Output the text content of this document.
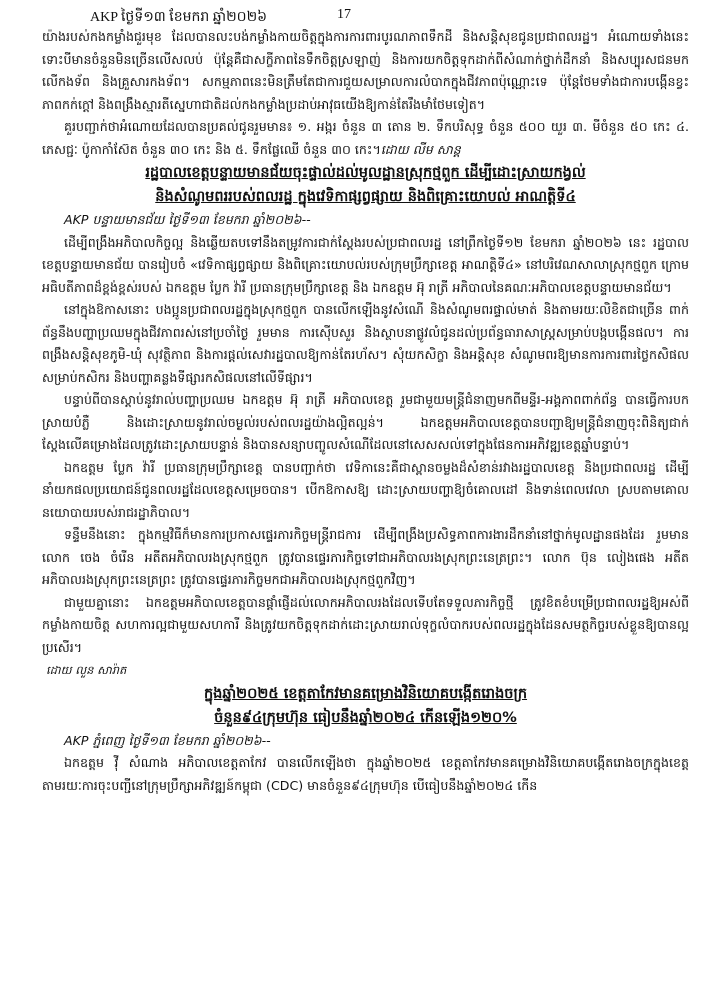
AKP ថ្ងៃទី១៣ ខែមករា ឆ្នាំ២០២៦	17

យ៉ាងរបស់កងកម្លាំងជួរមុខ ដែលបានលះបង់កម្លាំងកាយចិត្តក្នុងការការពារបូរណភាពទឹកដី និងសន្តិសុខជូនប្រជាពលរដ្ឋ។ អំណោយទាំងនេះ ទោះបីមានចំនួនមិនច្រើនលើសលប់ ប៉ុន្តែគឺជាសក្ខីភាពនៃទឹកចិត្តស្រឡាញ់ និងការយកចិត្តទុកដាក់ពីសំណាក់ថ្នាក់ដឹកនាំ និងសប្បុរសជនមកលើកងទ័ព និងគ្រួសារកងទ័ព។ សកម្មភាពនេះមិនត្រឹមតែជាការជួយសម្រាលការលំបាកក្នុងជីវភាពប៉ុណ្ណោះទេ ប៉ុន្តែថែមទាំងជាការបង្កើនខ្វះភាពកក់ក្ដៅ និងពង្រឹងស្មារតីស្នេហាជាតិដល់កងកម្លាំងប្រដាប់អាវុធយើងឱ្យកាន់តែរឹងមាំថែមទៀត។

គួរបញ្ជាក់ថាអំណោយដែលបានប្រគល់ជូនរួមមាន៖ ១. អង្ករ ចំនួន ៣ តោន ២. ទឹកបរិសុទ្ធ ចំនួន ៥០០ យួរ ៣. មីចំនួន ៥០ កេះ ៤. ភេសជ្ជៈ ប៉ូកាកាំស៊ែត ចំនួន ៣០ កេះ និង ៥. ទឹកផ្លែឈើ ចំនួន ៣០ កេះ។ដោយ លីម សាន្ត

រដ្ឋបាលខេត្តបន្ទាយមានជ័យចុះផ្ទាល់ដល់មូលដ្ឋានស្រុកថ្មពួក ដើម្បីដោះស្រាយកង្វល់
និងសំណូមពររបស់ពលរដ្ឋ ក្នុងវេទិកាផ្សព្វផ្សាយ និងពិគ្រោះយោបល់ អាណត្តិទី៤

AKP បន្ទាយមានជ័យ ថ្ងៃទី១៣ ខែមករា ឆ្នាំ២០២៦--

ដើម្បីពង្រឹងអភិបាលកិច្ចល្អ និងឆ្លើយតបទៅនឹងតម្រូវការជាក់ស្តែងរបស់ប្រជាពលរដ្ឋ នៅព្រឹកថ្ងៃទី១២ ខែមករា ឆ្នាំ២០២៦ នេះ រដ្ឋបាលខេត្តបន្ទាយមានជ័យ បានរៀបចំ «វេទិកាផ្សព្វផ្សាយ និងពិគ្រោះយោបល់របស់ក្រុមប្រឹក្សាខេត្ត អាណត្តិទី៤» នៅបរិវេណសាលាស្រុកថ្មពួក ក្រោមអធិបតីភាពដ៏ខ្ពង់ខ្ពស់របស់ ឯកឧត្តម ប្លែក វ៉ារី ប្រធានក្រុមប្រឹក្សាខេត្ត និង ឯកឧត្តម អ៊ុ រាត្រី អភិបាលនៃគណៈអភិបាលខេត្តបន្ទាយមានជ័យ។

នៅក្នុងឱកាសនោះ បងប្អូនប្រជាពលរដ្ឋក្នុងស្រុកថ្មពួក បានលើកឡើងនូវសំណើ និងសំណូមពរផ្ទាល់មាត់ និងតាមរយៈលិខិតជាច្រើន ពាក់ព័ន្ធនឹងបញ្ហាប្រឈមក្នុងជីវភាពរស់នៅប្រចាំថ្ងៃ រួមមាន ការស៊ើបសួរ និងស្ថាបនាផ្លូវលំជូនដល់ប្រព័ន្ធធារាសាស្ត្រសម្រាប់បង្កបង្កើនផល។ ការពង្រឹងសន្តិសុខភូមិ-ឃុំ សុវត្ថិភាព និងការផ្តល់សេវារដ្ឋបាលឱ្យកាន់តែរហ័ស។ សុំយកសិក្ខា និងអន្តិសុខ សំណូមពរឱ្យមានការការពារថ្លៃកសិផលសម្រាប់កសិករ និងបញ្ហាគន្លងទីផ្សារកសិផលនៅលើទីផ្សារ។

បន្ទាប់ពីបានស្តាប់នូវរាល់បញ្ហាប្រឈម ឯកឧត្តម អ៊ុ រាត្រី អភិបាលខេត្ត រួមជាមួយមន្ត្រីជំនាញមកពីមន្ទីរ-អង្គភាពពាក់ព័ន្ធ បានធ្វើការបកស្រាយបំភ្លឺ និងដោះស្រាយនូវរាល់ចម្ងល់របស់ពលរដ្ឋយ៉ាងល្អិតល្អន់។ ឯកឧត្តមអភិបាលខេត្តបានបញ្ជាឱ្យមន្ត្រីជំនាញចុះពិនិត្យជាក់ស្តែងលើគម្រោងដែលត្រូវដោះស្រាយបន្ទាន់ និងបានសន្យាបញ្ចូលសំណើដែលនៅសេសសល់ទៅក្នុងផែនការអភិវឌ្ឍខេត្តឆ្នាំបន្ទាប់។

ឯកឧត្តម ប្លែក វ៉ារី ប្រធានក្រុមប្រឹក្សាខេត្ត បានបញ្ជាក់ថា វេទិកានេះគឺជាស្ពានចម្លងដ៏សំខាន់រវាងរដ្ឋបាលខេត្ត និងប្រជាពលរដ្ឋ ដើម្បីនាំយកផលប្រយោជន៍ជូនពលរដ្ឋដែលខេត្តសម្រេចបាន។ បើកឱកាសឱ្យ ដោះស្រាយបញ្ហាឱ្យចំគោលដៅ និងទាន់ពេលវេលា ស្របតាមគោលនយោបាយរបស់រាជរដ្ឋាភិបាល។

ទន្ទឹមនឹងនោះ ក្នុងកម្មវិធីក៏មានការប្រកាសផ្ទេរភារកិច្ចមន្ត្រីរាជការ ដើម្បីពង្រឹងប្រសិទ្ធភាពការងារដឹកនាំនៅថ្នាក់មូលដ្ឋានផងដែរ រួមមាន លោក ចេង ចំរើន អតីតអភិបាលរងស្រុកថ្មពួក ត្រូវបានផ្ទេរភារកិច្ចទៅជាអភិបាលរងស្រុកព្រះនេត្រព្រះ។ លោក ប៊ុន លៀងផេង អតីតអភិបាលរងស្រុកព្រះនេត្រព្រះ ត្រូវបានផ្ទេរភារកិច្ចមកជាអភិបាលរងស្រុកថ្មពួកវិញ។

ជាមួយគ្នានោះ ឯកឧត្តមអភិបាលខេត្តបានផ្ដាំផ្ញើដល់លោកអភិបាលរងដែលទើបតែទទួលភារកិច្ចថ្មី ត្រូវខិតខំបម្រើប្រជាពលរដ្ឋឱ្យអស់ពីកម្លាំងកាយចិត្ត សហការល្អជាមួយសហការី និងត្រូវយកចិត្តទុកដាក់ដោះស្រាយរាល់ទុក្ខលំបាករបស់ពលរដ្ឋក្នុងដែនសមត្ថកិច្ចរបស់ខ្លួនឱ្យបានល្អប្រសើរ។

ដោយ លួន សារ៉ាត

ក្នុងឆ្នាំ២០២៥ ខេត្តតាកែវមានគម្រោងវិនិយោគបង្កើតរោងចក្រ
ចំនួន៩៤ក្រុមហ៊ុន ធៀបនឹងឆ្នាំ២០២៤ កើនឡើង១២០%

AKP ភ្នំពេញ ថ្ងៃទី១៣ ខែមករា ឆ្នាំ២០២៦--

ឯកឧត្តម វ៉ី សំណាង អភិបាលខេត្តតាកែវ បានលើកឡើងថា ក្នុងឆ្នាំ២០២៥ ខេត្តតាកែវមានគម្រោងវិនិយោគបង្កើតរោងចក្រក្នុងខេត្តតាមរយៈការចុះបញ្ជីនៅក្រុមប្រឹក្សាអភិវឌ្ឍន៍កម្ពុជា (CDC) មានចំនួន៩៤ក្រុមហ៊ុន បើធៀបនឹងឆ្នាំ២០២៤ កើន
